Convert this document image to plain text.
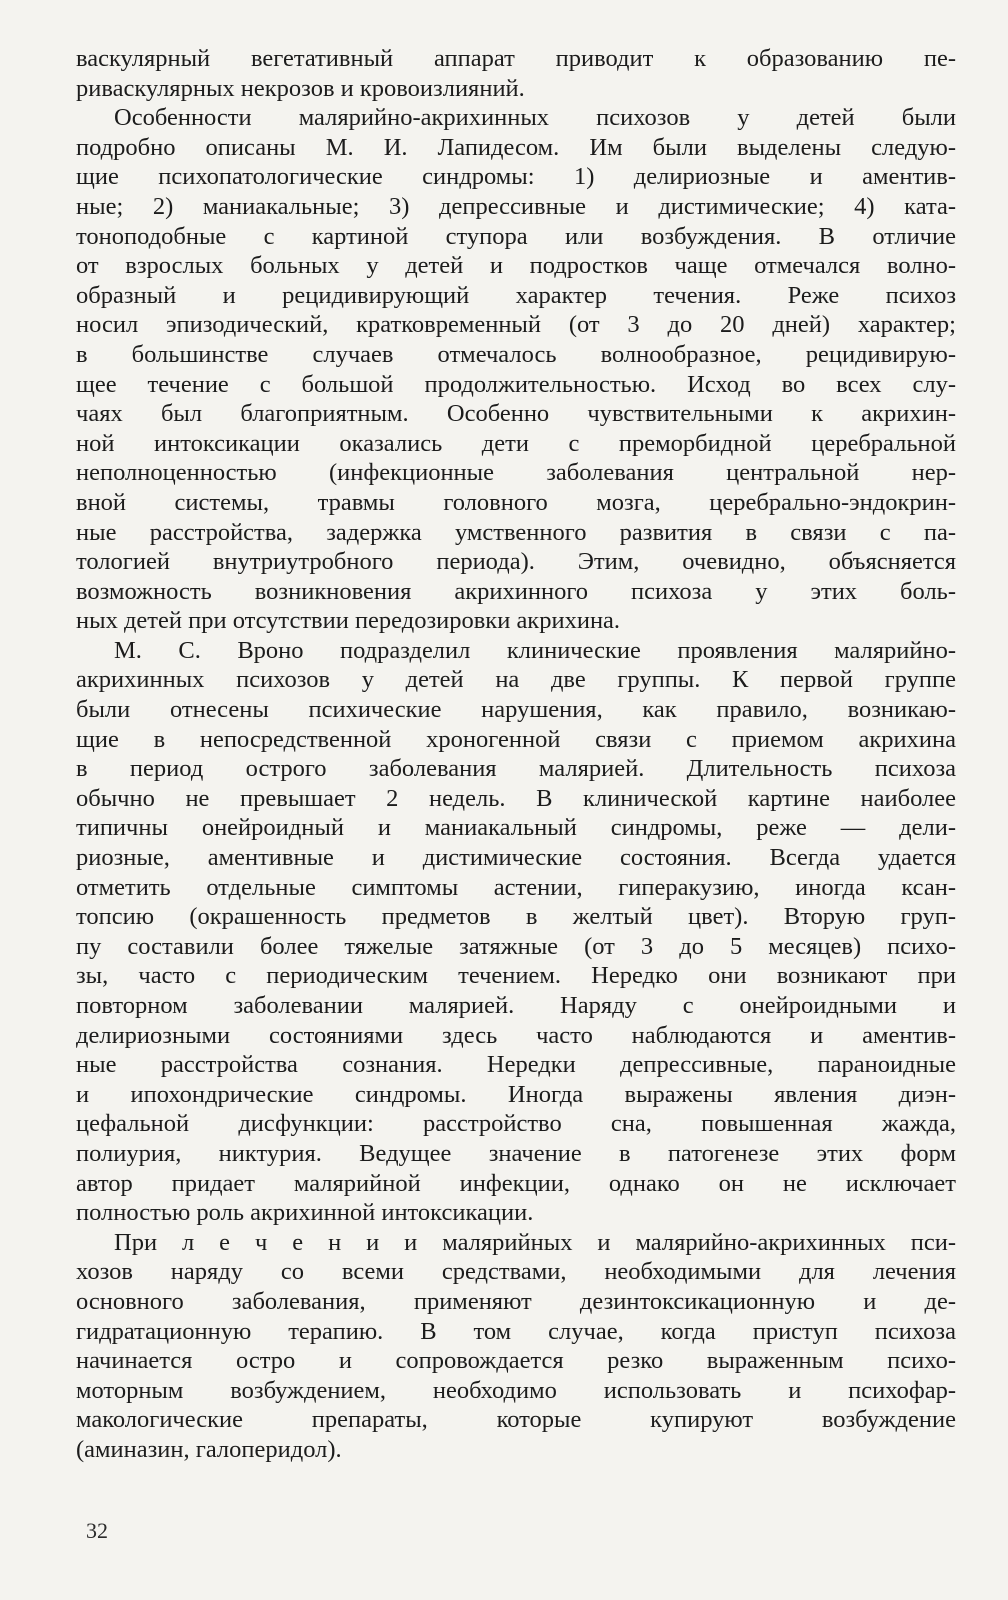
васкулярный вегетативный аппарат приводит к образованию пе-
риваскулярных некрозов и кровоизлияний.
Особенности малярийно-акрихинных психозов у детей были
подробно описаны М. И. Лапидесом. Им были выделены следую-
щие психопатологические синдромы: 1) делириозные и аментив-
ные; 2) маниакальные; 3) депрессивные и дистимические; 4) ката-
тоноподобные с картиной ступора или возбуждения. В отличие
от взрослых больных у детей и подростков чаще отмечался волно-
образный и рецидивирующий характер течения. Реже психоз
носил эпизодический, кратковременный (от 3 до 20 дней) характер;
в большинстве случаев отмечалось волнообразное, рецидивирую-
щее течение с большой продолжительностью. Исход во всех слу-
чаях был благоприятным. Особенно чувствительными к акрихин-
ной интоксикации оказались дети с преморбидной церебральной
неполноценностью (инфекционные заболевания центральной нер-
вной системы, травмы головного мозга, церебрально-эндокрин-
ные расстройства, задержка умственного развития в связи с па-
тологией внутриутробного периода). Этим, очевидно, объясняется
возможность возникновения акрихинного психоза у этих боль-
ных детей при отсутствии передозировки акрихина.
М. С. Вроно подразделил клинические проявления малярийно-
акрихинных психозов у детей на две группы. К первой группе
были отнесены психические нарушения, как правило, возникаю-
щие в непосредственной хроногенной связи с приемом акрихина
в период острого заболевания малярией. Длительность психоза
обычно не превышает 2 недель. В клинической картине наиболее
типичны онейроидный и маниакальный синдромы, реже — дели-
риозные, аментивные и дистимические состояния. Всегда удается
отметить отдельные симптомы астении, гиперакузию, иногда ксан-
топсию (окрашенность предметов в желтый цвет). Вторую груп-
пу составили более тяжелые затяжные (от 3 до 5 месяцев) психо-
зы, часто с периодическим течением. Нередко они возникают при
повторном заболевании малярией. Наряду с онейроидными и
делириозными состояниями здесь часто наблюдаются и аментив-
ные расстройства сознания. Нередки депрессивные, параноидные
и ипохондрические синдромы. Иногда выражены явления диэн-
цефальной дисфункции: расстройство сна, повышенная жажда,
полиурия, никтурия. Ведущее значение в патогенезе этих форм
автор придает малярийной инфекции, однако он не исключает
полностью роль акрихинной интоксикации.
При л е ч е н и и малярийных и малярийно-акрихинных пси-
хозов наряду со всеми средствами, необходимыми для лечения
основного заболевания, применяют дезинтоксикационную и де-
гидратационную терапию. В том случае, когда приступ психоза
начинается остро и сопровождается резко выраженным психо-
моторным возбуждением, необходимо использовать и психофар-
макологические препараты, которые купируют возбуждение
(аминазин, галоперидол).
32
